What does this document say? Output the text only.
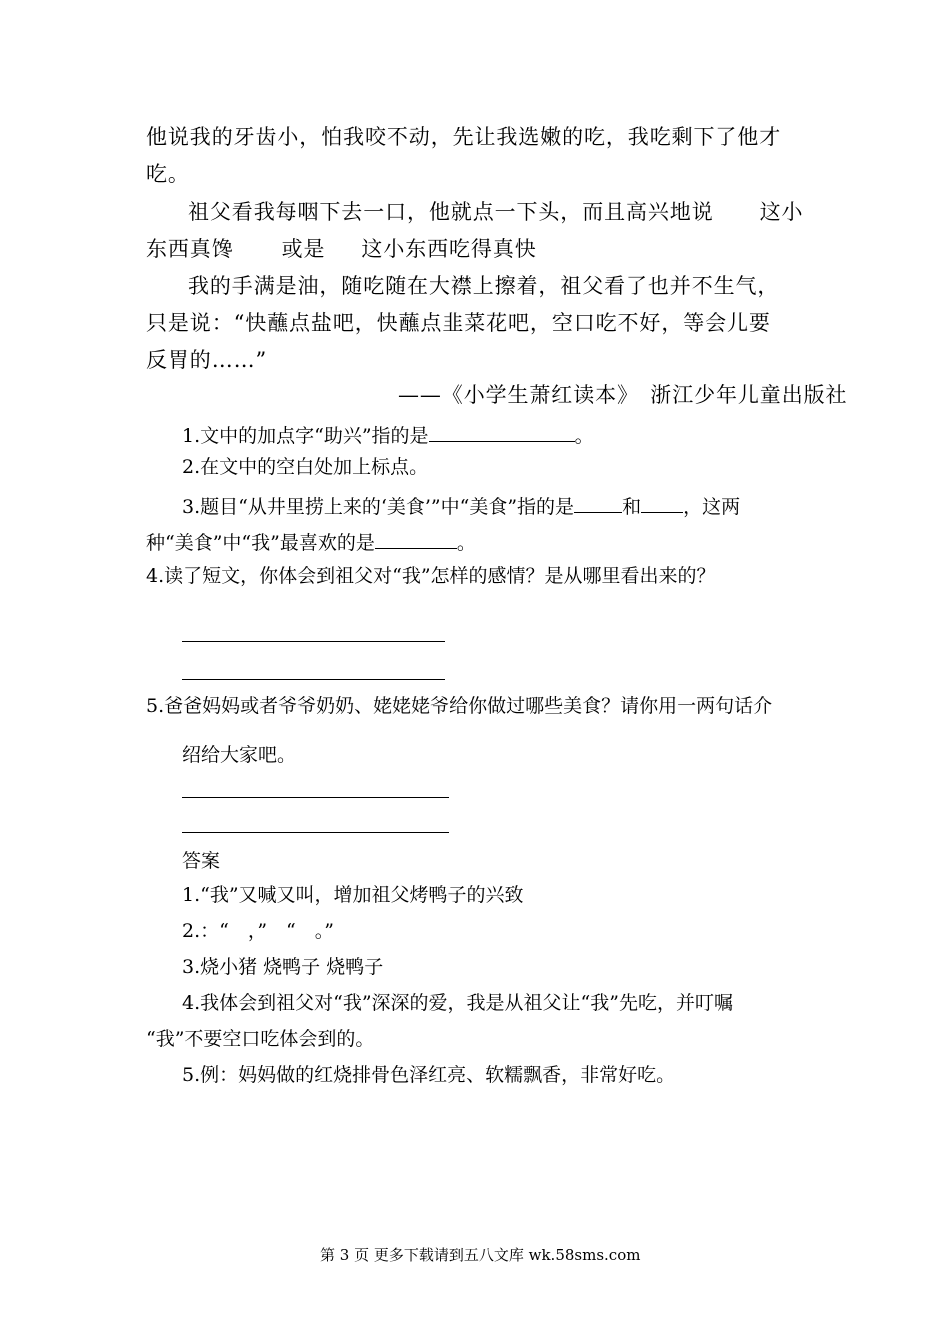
他说我的牙齿小，怕我咬不动，先让我选嫩的吃，我吃剩下了他才
吃。
祖父看我每咽下去一口，他就点一下头，而且高兴地说 这小
东西真馋 或是 这小东西吃得真快
我的手满是油，随吃随在大襟上擦着，祖父看了也并不生气，
只是说：“快蘸点盐吧，快蘸点韭菜花吧，空口吃不好，等会儿要
反胃的……”
——《小学生萧红读本》　浙江少年儿童出版社
1.文中的加点字“助兴”指的是	。
2.在文中的空白处加上标点。
3.题目“从井里捞上来的‘美食’”中“美食”指的是	和 ，这两
种“美食”中“我”最喜欢的是	。
4.读了短文，你体会到祖父对“我”怎样的感情？是从哪里看出来的？
5.爸爸妈妈或者爷爷奶奶、姥姥姥爷给你做过哪些美食？请你用一两句话介
绍给大家吧。
答案
1.“我”又喊又叫，增加祖父烤鸭子的兴致
2.：“　，”　“　。”
3.烧小猪 烧鸭子 烧鸭子
4.我体会到祖父对“我”深深的爱，我是从祖父让“我”先吃，并叮嘱
“我”不要空口吃体会到的。
5.例：妈妈做的红烧排骨色泽红亮、软糯飘香，非常好吃。
第 3 页 更多下载请到五八文库 wk.58sms.com
